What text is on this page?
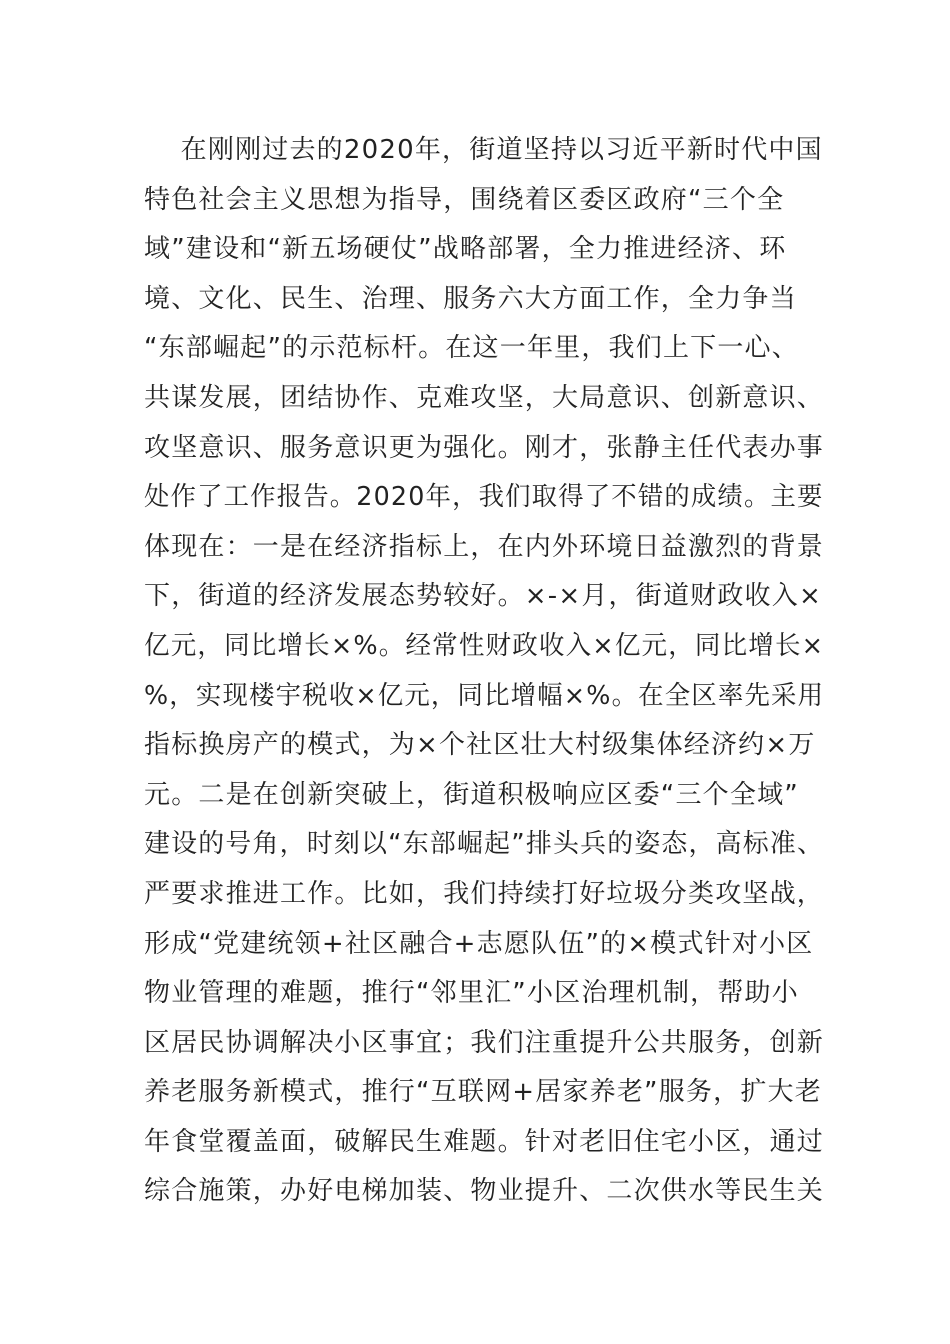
　 在刚刚过去的2020年，街道坚持以习近平新时代中国
特色社会主义思想为指导，围绕着区委区政府“三个全
域”建设和“新五场硬仗”战略部署，全力推进经济、环
境、文化、民生、治理、服务六大方面工作，全力争当
“东部崛起”的示范标杆。在这一年里，我们上下一心、
共谋发展，团结协作、克难攻坚，大局意识、创新意识、
攻坚意识、服务意识更为强化。刚才，张静主任代表办事
处作了工作报告。2020年，我们取得了不错的成绩。主要
体现在：一是在经济指标上，在内外环境日益激烈的背景
下，街道的经济发展态势较好。×-×月，街道财政收入×
亿元，同比增长×%。经常性财政收入×亿元，同比增长×
%，实现楼宇税收×亿元，同比增幅×%。在全区率先采用
指标换房产的模式，为×个社区壮大村级集体经济约×万
元。二是在创新突破上，街道积极响应区委“三个全域”
建设的号角，时刻以“东部崛起”排头兵的姿态，高标准、
严要求推进工作。比如，我们持续打好垃圾分类攻坚战，
形成“党建统领+社区融合+志愿队伍”的×模式针对小区
物业管理的难题，推行“邻里汇”小区治理机制，帮助小
区居民协调解决小区事宜；我们注重提升公共服务，创新
养老服务新模式，推行“互联网+居家养老”服务，扩大老
年食堂覆盖面，破解民生难题。针对老旧住宅小区，通过
综合施策，办好电梯加装、物业提升、二次供水等民生关
